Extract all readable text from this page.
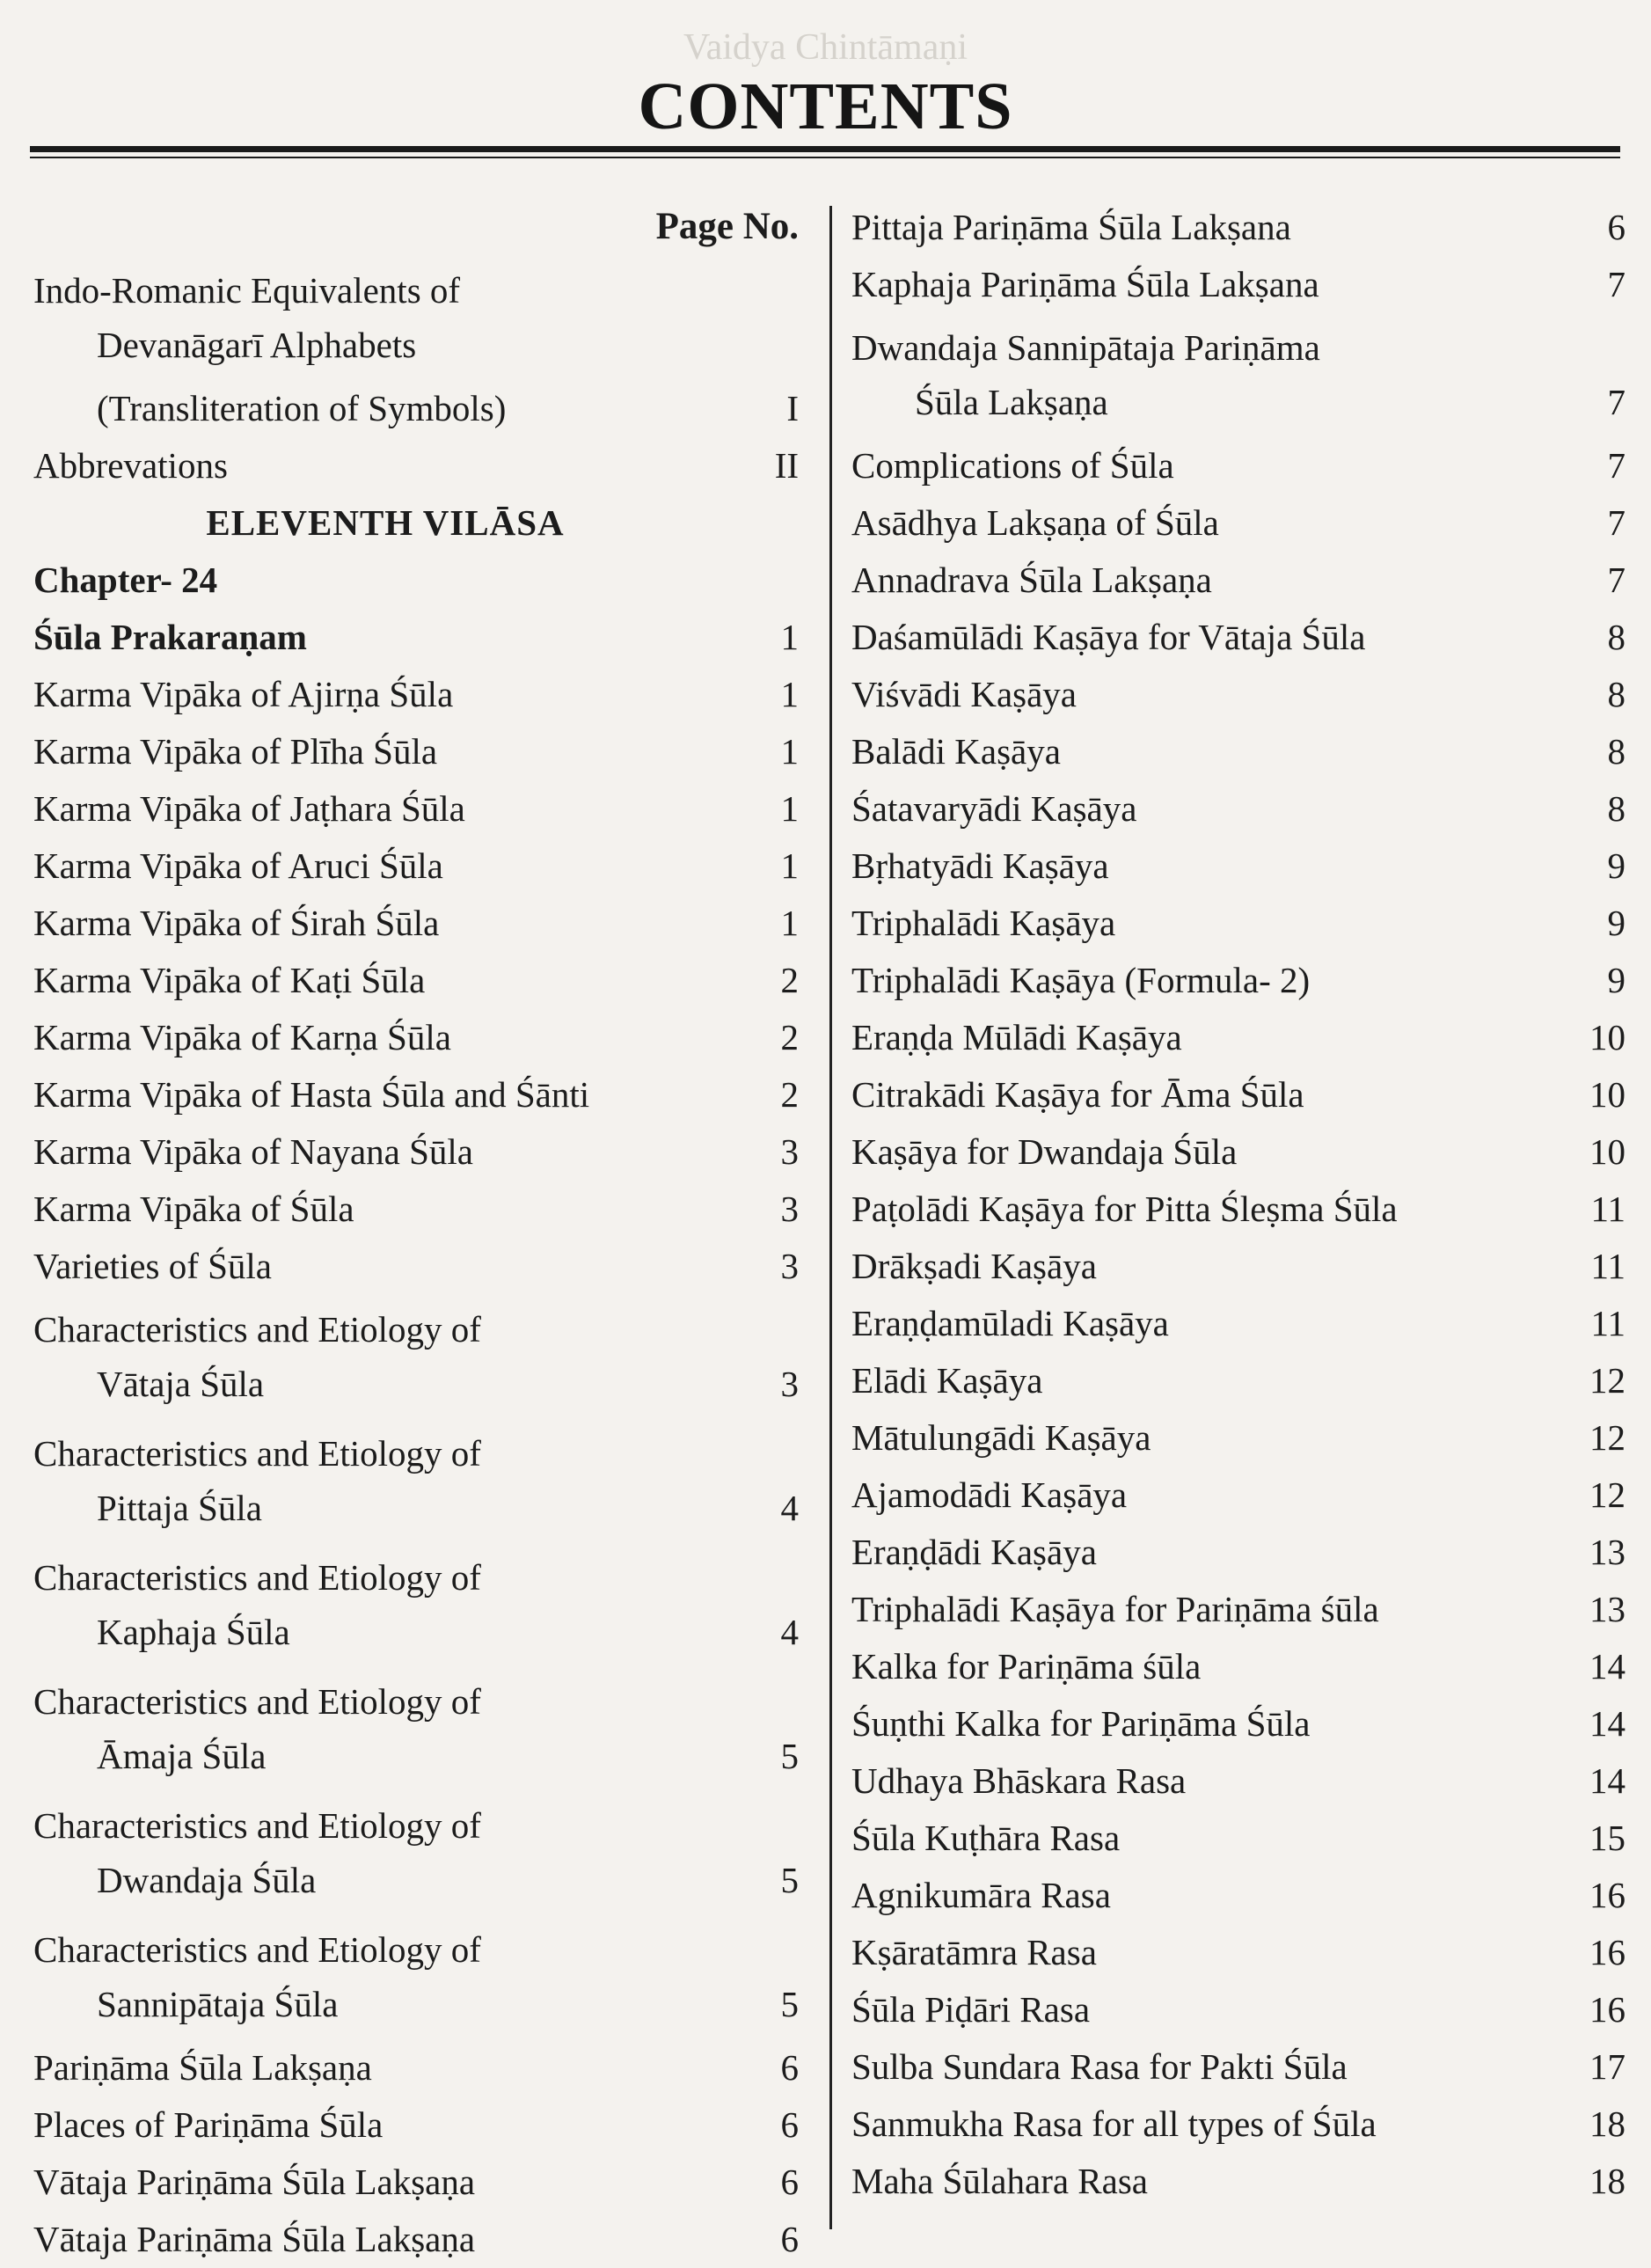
Vaidya Chintāmaṇi
CONTENTS
Page No.
Indo-Romanic Equivalents of
Devanāgarī Alphabets
(Transliteration of Symbols)	I
Abbrevations	II
ELEVENTH VILĀSA
Chapter- 24
Śūla Prakaraṇam	1
Karma Vipāka of Ajirṇa Śūla	1
Karma Vipāka of Plīha Śūla	1
Karma Vipāka of Jaṭhara Śūla	1
Karma Vipāka of Aruci Śūla	1
Karma Vipāka of Śirah Śūla	1
Karma Vipāka of Kaṭi Śūla	2
Karma Vipāka of Karṇa Śūla	2
Karma Vipāka of Hasta Śūla and Śānti	2
Karma Vipāka of Nayana Śūla	3
Karma Vipāka of Śūla	3
Varieties of Śūla	3
Characteristics and Etiology of
Vātaja Śūla	3
Characteristics and Etiology of
Pittaja Śūla	4
Characteristics and Etiology of
Kaphaja Śūla	4
Characteristics and Etiology of
Āmaja Śūla	5
Characteristics and Etiology of
Dwandaja Śūla	5
Characteristics and Etiology of
Sannipātaja Śūla	5
Pariṇāma Śūla Lakṣaṇa	6
Places of Pariṇāma Śūla	6
Vātaja Pariṇāma Śūla Lakṣaṇa	6
Vātaja Pariṇāma Śūla Lakṣaṇa	6
Pittaja Pariṇāma Śūla Lakṣana	6
Kaphaja Pariṇāma Śūla Lakṣana	7
Dwandaja Sannipātaja Pariṇāma
Śūla Lakṣaṇa	7
Complications of Śūla	7
Asādhya Lakṣaṇa of Śūla	7
Annadrava Śūla Lakṣaṇa	7
Daśamūlādi Kaṣāya for Vātaja Śūla	8
Viśvādi Kaṣāya	8
Balādi Kaṣāya	8
Śatavaryādi Kaṣāya	8
Bṛhatyādi Kaṣāya	9
Triphalādi Kaṣāya	9
Triphalādi Kaṣāya (Formula- 2)	9
Eraṇḍa Mūlādi Kaṣāya	10
Citrakādi Kaṣāya for Āma Śūla	10
Kaṣāya for Dwandaja Śūla	10
Paṭolādi Kaṣāya for Pitta Śleṣma Śūla	11
Drākṣadi Kaṣāya	11
Eraṇḍamūladi Kaṣāya	11
Elādi Kaṣāya	12
Mātulungādi Kaṣāya	12
Ajamodādi Kaṣāya	12
Eraṇḍādi Kaṣāya	13
Triphalādi Kaṣāya for Pariṇāma śūla	13
Kalka for Pariṇāma śūla	14
Śuṇthi Kalka for Pariṇāma Śūla	14
Udhaya Bhāskara Rasa	14
Śūla Kuṭhāra Rasa	15
Agnikumāra Rasa	16
Kṣāratāmra Rasa	16
Śūla Piḍāri Rasa	16
Sulba Sundara Rasa for Pakti Śūla	17
Sanmukha Rasa for all types of Śūla	18
Maha Śūlahara Rasa	18
